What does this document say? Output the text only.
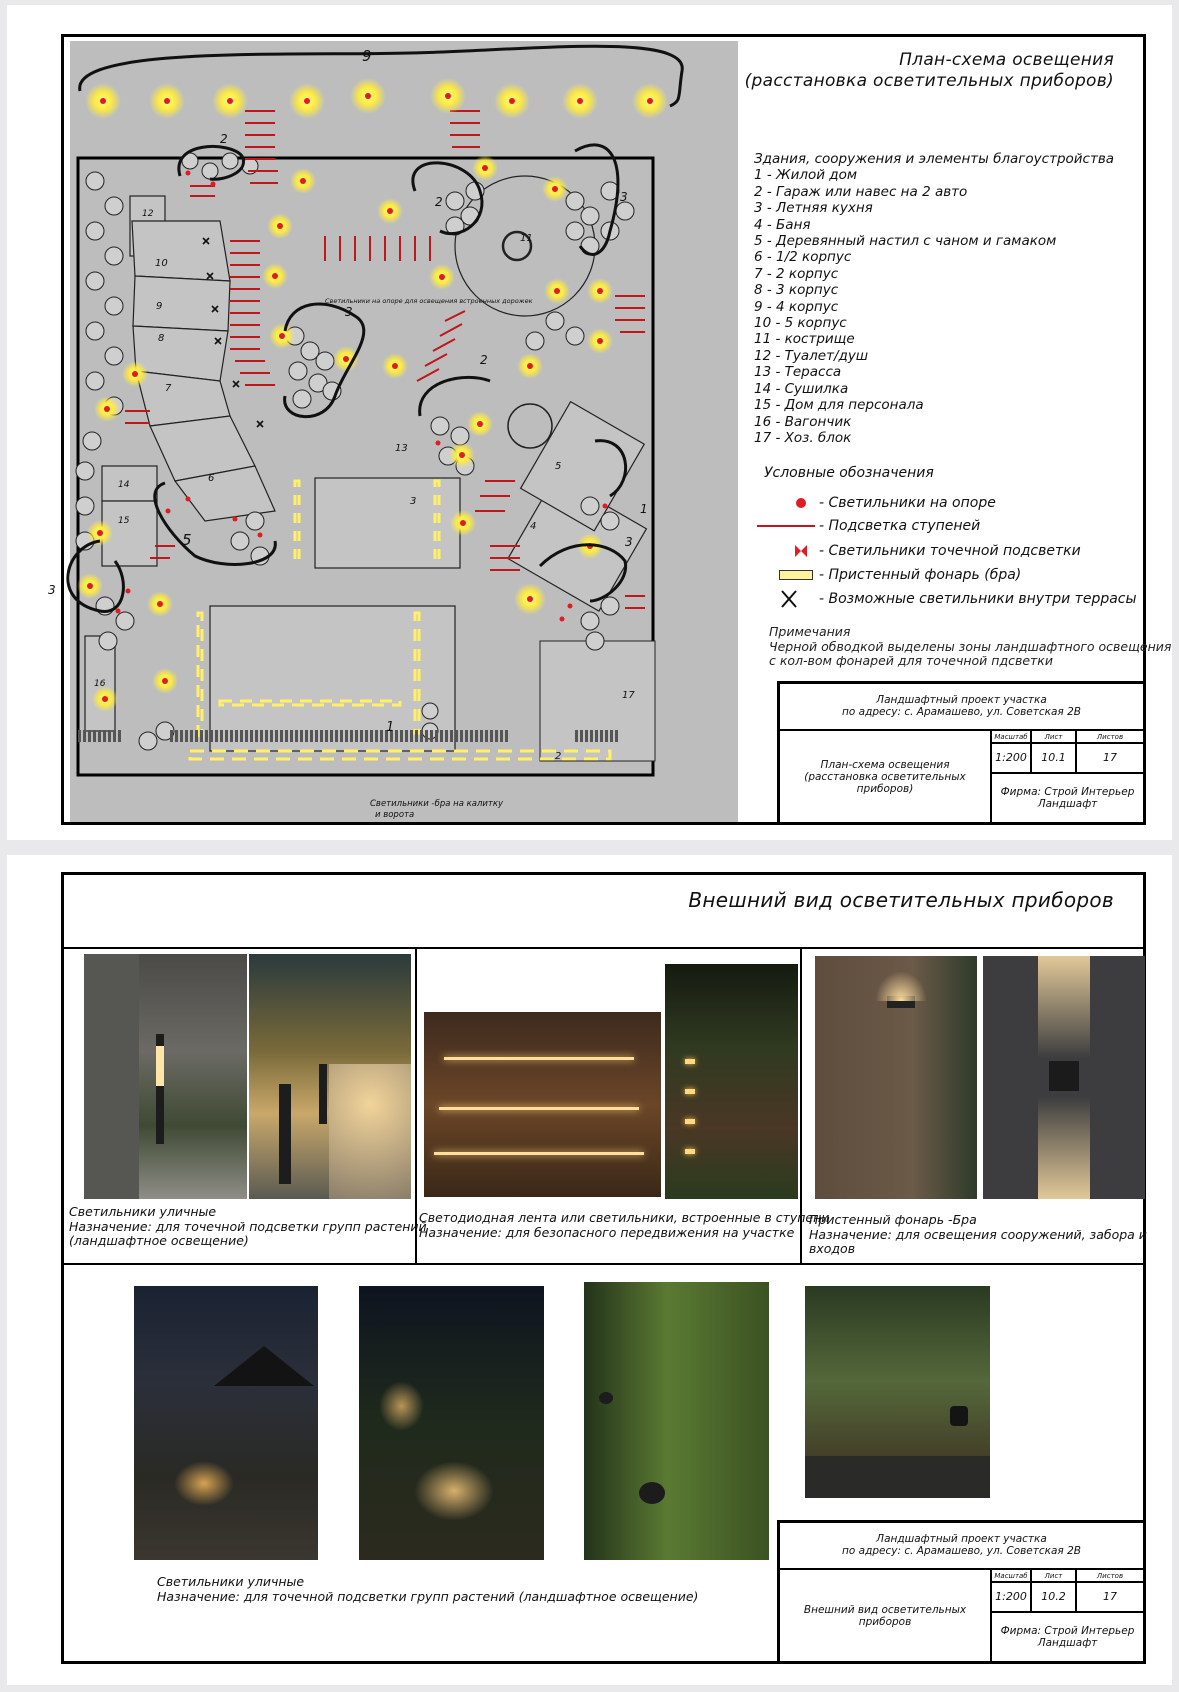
9
2
2
2
3
3
3
3
1
5
1
2
3
4
5
6
7
8
9
10
11
12
13
14
15
16
17
Светильники на опоре для освещения встроенных дорожек
Светильники -бра на калитку
и ворота
План-схема освещения
(расстановка осветительных приборов)
Здания, сооружения и элементы благоустройства
1 - Жилой дом
2 - Гараж или навес на 2 авто
3 - Летняя кухня
4 - Баня
5 - Деревянный настил с чаном и гамаком
6 - 1/2 корпус
7 - 2 корпус
8 - 3 корпус
9 - 4 корпус
10 - 5 корпус
11 - кострище
12 - Туалет/душ
13 - Терасса
14 - Сушилка
15 - Дом для персонала
16 - Вагончик
17 - Хоз. блок
Условные обозначения
- Светильники на опоре
- Подсветка ступеней
- Светильники точечной подсветки
- Пристенный фонарь (бра)
- Возможные светильники внутри террасы
Примечания
Черной обводкой выделены зоны ландшафтного освещения
с кол-вом фонарей для точечной пдсветки
Ландшафтный проект участка
по адресу: с. Арамашево, ул. Советская 2В
План-схема освещения
(расстановка осветительных
приборов)
Масштаб	Лист	Листов
1:200	10.1	17
Фирма: Строй Интерьер
Ландшафт
Внешний вид осветительных приборов
Светильники уличные
Назначение: для точечной подсветки групп растений
(ландшафтное освещение)
Светодиодная лента или светильники, встроенные в ступени
Назначение: для безопасного передвижения на участке
Пристенный фонарь -Бра
Назначение: для освещения сооружений, забора и входов
Светильники уличные
Назначение: для точечной подсветки групп растений (ландшафтное освещение)
Ландшафтный проект участка
по адресу: с. Арамашево, ул. Советская 2В
Внешний вид осветительных приборов
Масштаб	Лист	Листов
1:200	10.2	17
Фирма: Строй Интерьер
Ландшафт
